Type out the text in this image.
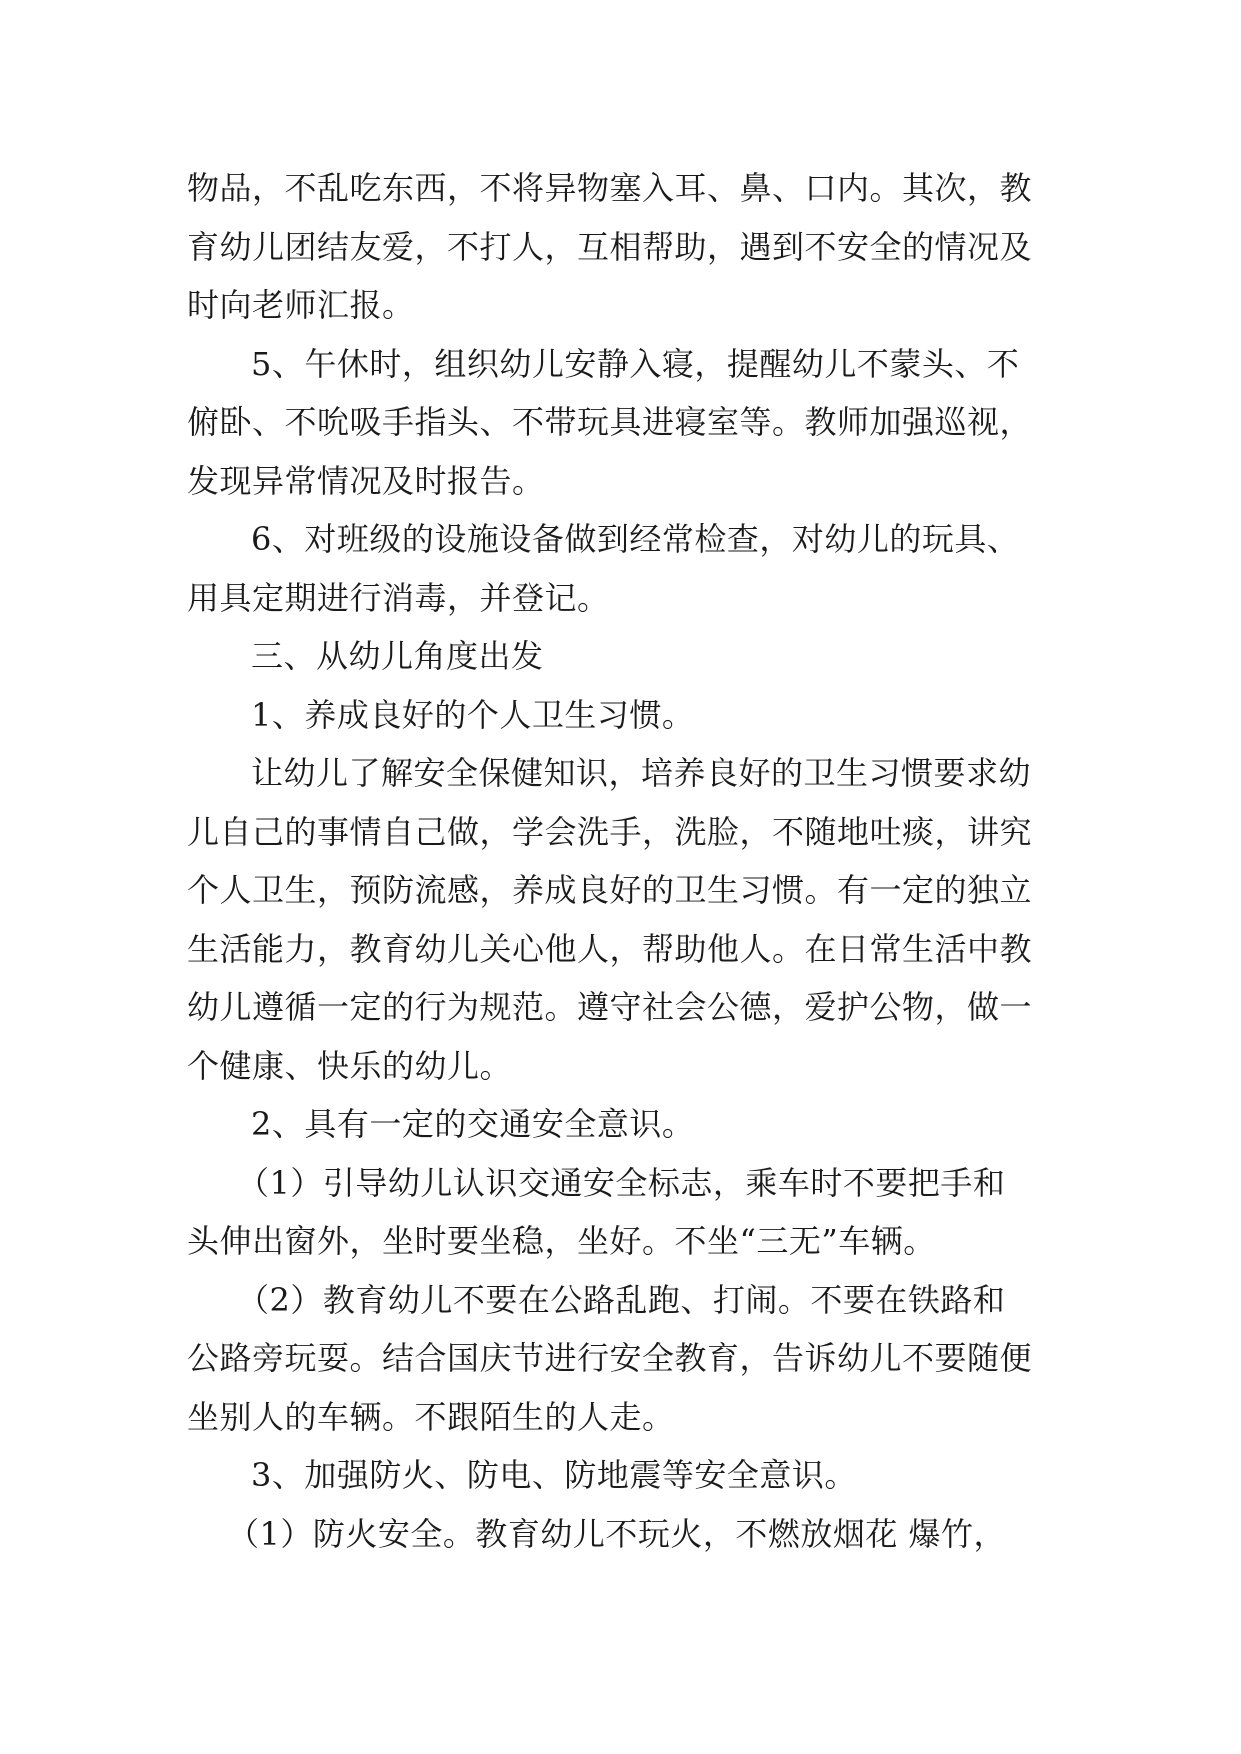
物品，不乱吃东西，不将异物塞入耳、鼻、口内。其次，教
育幼儿团结友爱，不打人，互相帮助，遇到不安全的情况及
时向老师汇报。
5、午休时，组织幼儿安静入寝，提醒幼儿不蒙头、不
俯卧、不吮吸手指头、不带玩具进寝室等。教师加强巡视，
发现异常情况及时报告。
6、对班级的设施设备做到经常检查，对幼儿的玩具、
用具定期进行消毒，并登记。
三、从幼儿角度出发
1、养成良好的个人卫生习惯。
让幼儿了解安全保健知识，培养良好的卫生习惯要求幼
儿自己的事情自己做，学会洗手，洗脸，不随地吐痰，讲究
个人卫生，预防流感，养成良好的卫生习惯。有一定的独立
生活能力，教育幼儿关心他人，帮助他人。在日常生活中教
幼儿遵循一定的行为规范。遵守社会公德，爱护公物，做一
个健康、快乐的幼儿。
2、具有一定的交通安全意识。
（1）引导幼儿认识交通安全标志，乘车时不要把手和
头伸出窗外，坐时要坐稳，坐好。不坐“三无”车辆。
（2）教育幼儿不要在公路乱跑、打闹。不要在铁路和
公路旁玩耍。结合国庆节进行安全教育，告诉幼儿不要随便
坐别人的车辆。不跟陌生的人走。
3、加强防火、防电、防地震等安全意识。
（1）防火安全。教育幼儿不玩火，不燃放烟花 爆竹，
